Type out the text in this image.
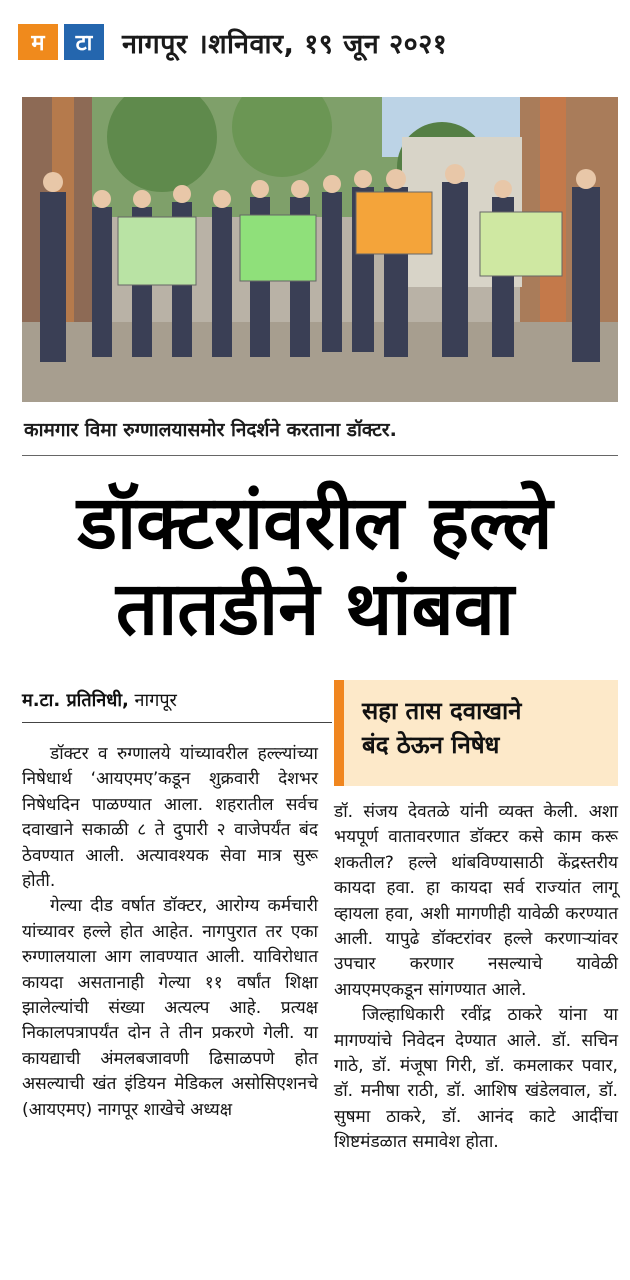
म	टा	नागपूर ।शनिवार, १९ जून २०२१
कामगार विमा रुग्णालयासमोर निदर्शने करताना डॉक्टर.
डॉक्टरांवरील हल्ले
तातडीने थांबवा
म.टा. प्रतिनिधी, नागपूर

डॉक्टर व रुग्णालये यांच्यावरील हल्ल्यांच्या निषेधार्थ ‘आयएमए’कडून शुक्रवारी देशभर निषेधदिन पाळण्यात आला. शहरातील सर्वच दवाखाने सकाळी ८ ते दुपारी २ वाजेपर्यंत बंद ठेवण्यात आली. अत्यावश्यक सेवा मात्र सुरू होती.

गेल्या दीड वर्षात डॉक्टर, आरोग्य कर्मचारी यांच्यावर हल्ले होत आहेत. नागपुरात तर एका रुग्णालयाला आग लावण्यात आली. याविरोधात कायदा असतानाही गेल्या ११ वर्षांत शिक्षा झालेल्यांची संख्या अत्यल्प आहे. प्रत्यक्ष निकालपत्रापर्यंत दोन ते तीन प्रकरणे गेली. या कायद्याची अंमलबजावणी ढिसाळपणे होत असल्याची खंत इंडियन मेडिकल असोसिएशनचे (आयएमए) नागपूर शाखेचे अध्यक्ष

सहा तास दवाखाने
बंद ठेऊन निषेध

डॉ. संजय देवतळे यांनी व्यक्त केली. अशा भयपूर्ण वातावरणात डॉक्टर कसे काम करू शकतील? हल्ले थांबविण्यासाठी केंद्रस्तरीय कायदा हवा. हा कायदा सर्व राज्यांत लागू व्हायला हवा, अशी मागणीही यावेळी करण्यात आली. यापुढे डॉक्टरांवर हल्ले करणाऱ्यांवर उपचार करणार नसल्याचे यावेळी आयएमएकडून सांगण्यात आले.

जिल्हाधिकारी रवींद्र ठाकरे यांना या मागण्यांचे निवेदन देण्यात आले. डॉ. सचिन गाठे, डॉ. मंजूषा गिरी, डॉ. कमलाकर पवार, डॉ. मनीषा राठी, डॉ. आशिष खंडेलवाल, डॉ. सुषमा ठाकरे, डॉ. आनंद काटे आदींचा शिष्टमंडळात समावेश होता.
